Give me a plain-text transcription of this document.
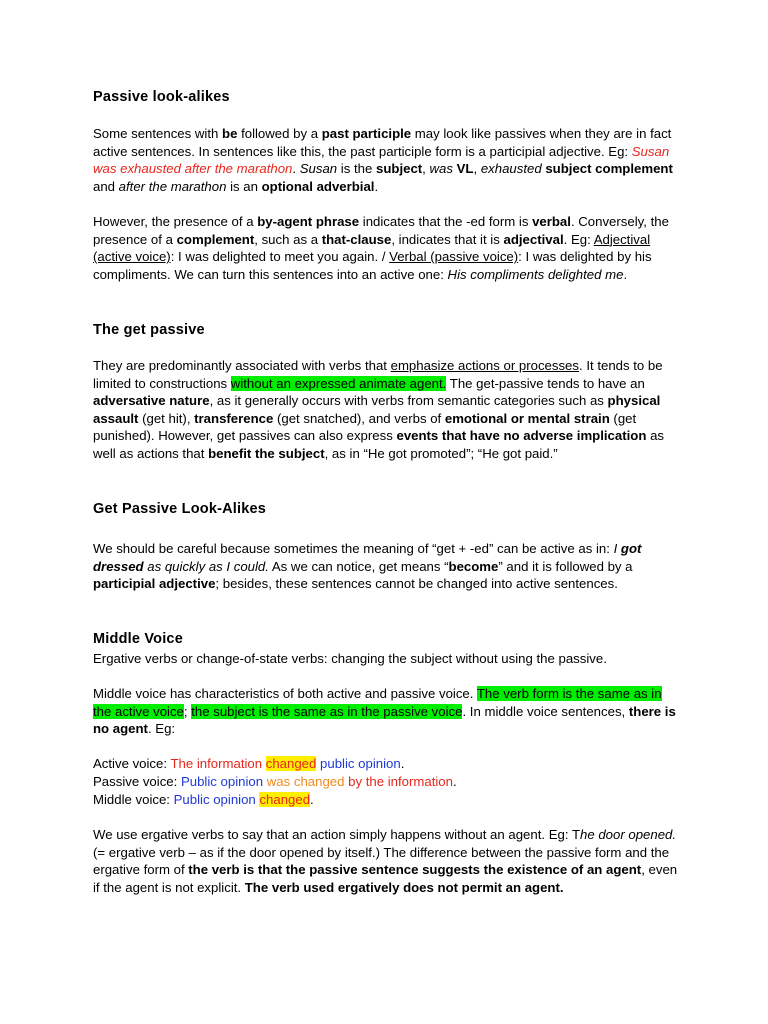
Passive look-alikes

Some sentences with be followed by a past participle may look like passives when they are in fact active sentences. In sentences like this, the past participle form is a participial adjective. Eg: Susan was exhausted after the marathon. Susan is the subject, was VL, exhausted subject complement and after the marathon is an optional adverbial.

However, the presence of a by-agent phrase indicates that the -ed form is verbal. Conversely, the presence of a complement, such as a that-clause, indicates that it is adjectival. Eg: Adjectival (active voice): I was delighted to meet you again. / Verbal (passive voice): I was delighted by his compliments. We can turn this sentences into an active one: His compliments delighted me.

The get passive

They are predominantly associated with verbs that emphasize actions or processes. It tends to be limited to constructions without an expressed animate agent. The get-passive tends to have an adversative nature, as it generally occurs with verbs from semantic categories such as physical assault (get hit), transference (get snatched), and verbs of emotional or mental strain (get punished). However, get passives can also express events that have no adverse implication as well as actions that benefit the subject, as in “He got promoted”; “He got paid.”

Get Passive Look-Alikes

We should be careful because sometimes the meaning of “get + -ed” can be active as in: I got dressed as quickly as I could. As we can notice, get means “become” and it is followed by a participial adjective; besides, these sentences cannot be changed into active sentences.

Middle Voice

Ergative verbs or change-of-state verbs: changing the subject without using the passive.

Middle voice has characteristics of both active and passive voice. The verb form is the same as in the active voice; the subject is the same as in the passive voice. In middle voice sentences, there is no agent. Eg:

Active voice: The information changed public opinion.

Passive voice: Public opinion was changed by the information.

Middle voice: Public opinion changed.

We use ergative verbs to say that an action simply happens without an agent. Eg: The door opened. (= ergative verb – as if the door opened by itself.) The difference between the passive form and the ergative form of the verb is that the passive sentence suggests the existence of an agent, even if the agent is not explicit. The verb used ergatively does not permit an agent.
